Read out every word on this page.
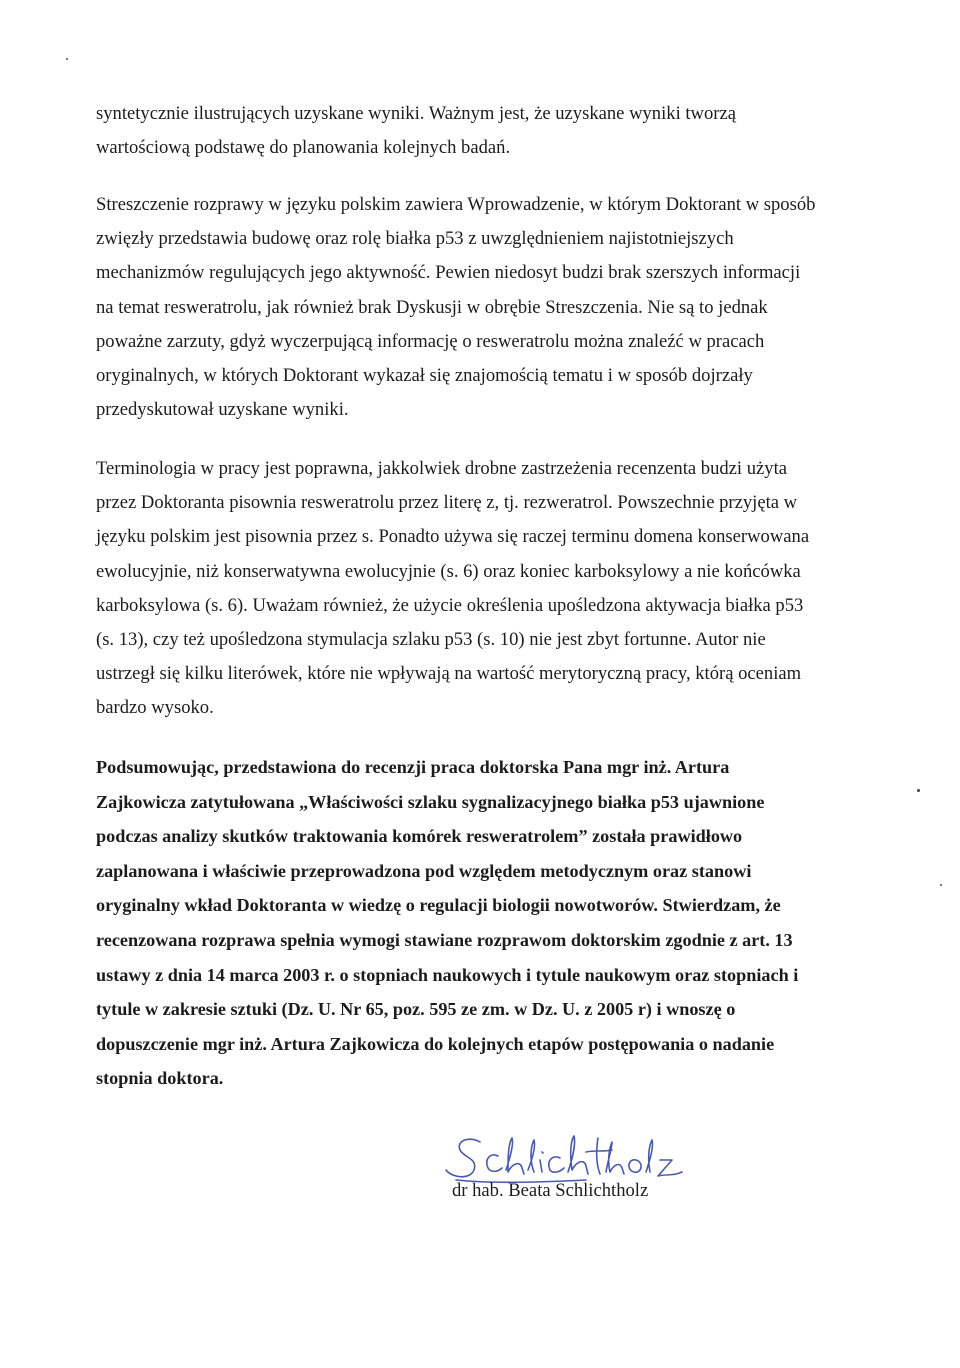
syntetycznie ilustrujących uzyskane wyniki. Ważnym jest, że uzyskane wyniki tworzą
wartościową podstawę do planowania kolejnych badań.
Streszczenie rozprawy w języku polskim zawiera Wprowadzenie, w którym Doktorant w sposób
zwięzły przedstawia budowę oraz rolę białka p53 z uwzględnieniem najistotniejszych
mechanizmów regulujących jego aktywność. Pewien niedosyt budzi brak szerszych informacji
na temat resweratrolu, jak również brak Dyskusji w obrębie Streszczenia. Nie są to jednak
poważne zarzuty, gdyż wyczerpującą informację o resweratrolu można znaleźć w pracach
oryginalnych, w których Doktorant wykazał się znajomością tematu i w sposób dojrzały
przedyskutował uzyskane wyniki.
Terminologia w pracy jest poprawna, jakkolwiek drobne zastrzeżenia recenzenta budzi użyta
przez Doktoranta pisownia resweratrolu przez literę z, tj. rezweratrol. Powszechnie przyjęta w
języku polskim jest pisownia przez s. Ponadto używa się raczej terminu domena konserwowana
ewolucyjnie, niż konserwatywna ewolucyjnie (s. 6) oraz koniec karboksylowy a nie końcówka
karboksylowa (s. 6). Uważam również, że użycie określenia upośledzona aktywacja białka p53
(s. 13), czy też upośledzona stymulacja szlaku p53 (s. 10) nie jest zbyt fortunne. Autor nie
ustrzegł się kilku literówek, które nie wpływają na wartość merytoryczną pracy, którą oceniam
bardzo wysoko.
Podsumowując, przedstawiona do recenzji praca doktorska Pana mgr inż. Artura
Zajkowicza zatytułowana „Właściwości szlaku sygnalizacyjnego białka p53 ujawnione
podczas analizy skutków traktowania komórek resweratrolem” została prawidłowo
zaplanowana i właściwie przeprowadzona pod względem metodycznym oraz stanowi
oryginalny wkład Doktoranta w wiedzę o regulacji biologii nowotworów. Stwierdzam, że
recenzowana rozprawa spełnia wymogi stawiane rozprawom doktorskim zgodnie z art. 13
ustawy z dnia 14 marca 2003 r. o stopniach naukowych i tytule naukowym oraz stopniach i
tytule w zakresie sztuki (Dz. U. Nr 65, poz. 595 ze zm. w Dz. U. z 2005 r) i wnoszę o
dopuszczenie mgr inż. Artura Zajkowicza do kolejnych etapów postępowania o nadanie
stopnia doktora.
dr hab. Beata Schlichtholz
